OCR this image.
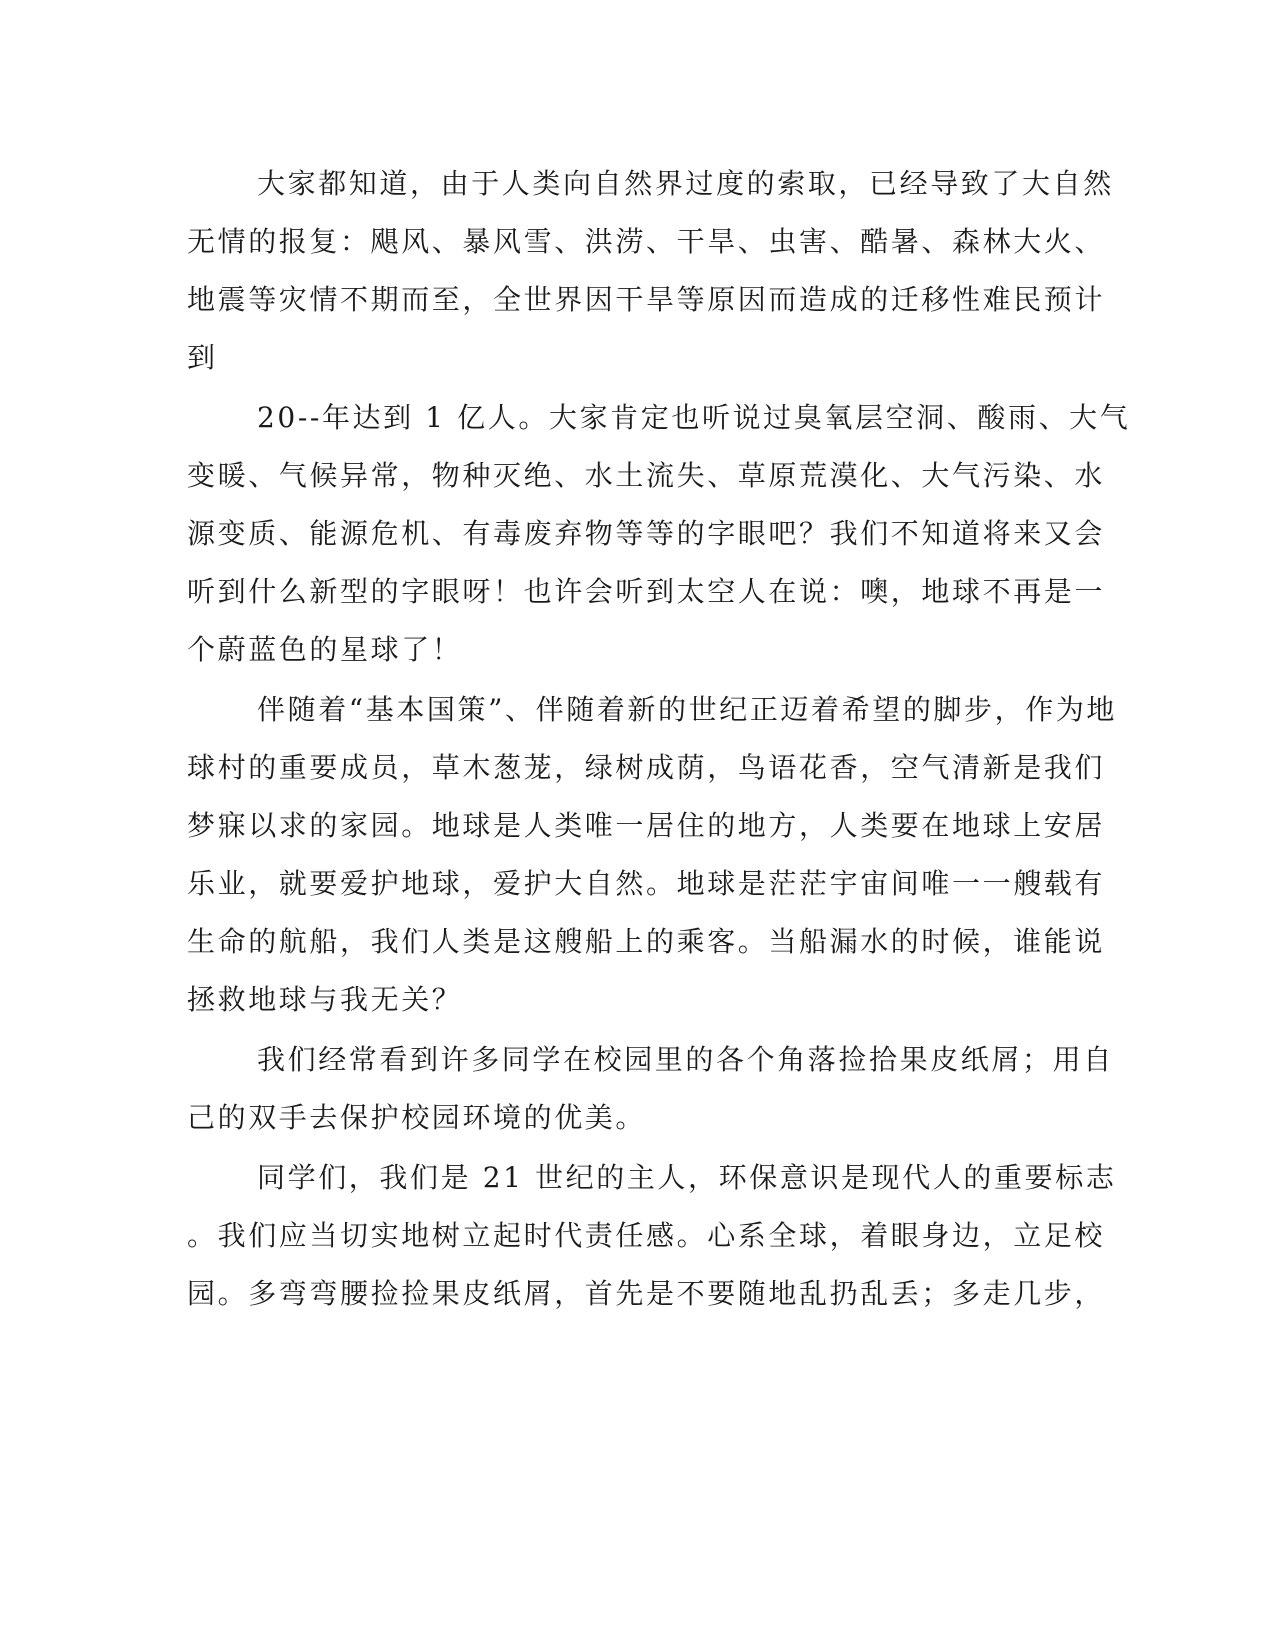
大家都知道，由于人类向自然界过度的索取，已经导致了大自然
无情的报复：飓风、暴风雪、洪涝、干旱、虫害、酷暑、森林大火、
地震等灾情不期而至，全世界因干旱等原因而造成的迁移性难民预计
到
20--年达到 1 亿人。大家肯定也听说过臭氧层空洞、酸雨、大气
变暖、气候异常，物种灭绝、水土流失、草原荒漠化、大气污染、水
源变质、能源危机、有毒废弃物等等的字眼吧？我们不知道将来又会
听到什么新型的字眼呀！也许会听到太空人在说：噢，地球不再是一
个蔚蓝色的星球了！
伴随着“基本国策”、伴随着新的世纪正迈着希望的脚步，作为地
球村的重要成员，草木葱茏，绿树成荫，鸟语花香，空气清新是我们
梦寐以求的家园。地球是人类唯一居住的地方，人类要在地球上安居
乐业，就要爱护地球，爱护大自然。地球是茫茫宇宙间唯一一艘载有
生命的航船，我们人类是这艘船上的乘客。当船漏水的时候，谁能说
拯救地球与我无关？
我们经常看到许多同学在校园里的各个角落捡拾果皮纸屑；用自
己的双手去保护校园环境的优美。
同学们，我们是 21 世纪的主人，环保意识是现代人的重要标志
。我们应当切实地树立起时代责任感。心系全球，着眼身边，立足校
园。多弯弯腰捡捡果皮纸屑，首先是不要随地乱扔乱丢；多走几步，
